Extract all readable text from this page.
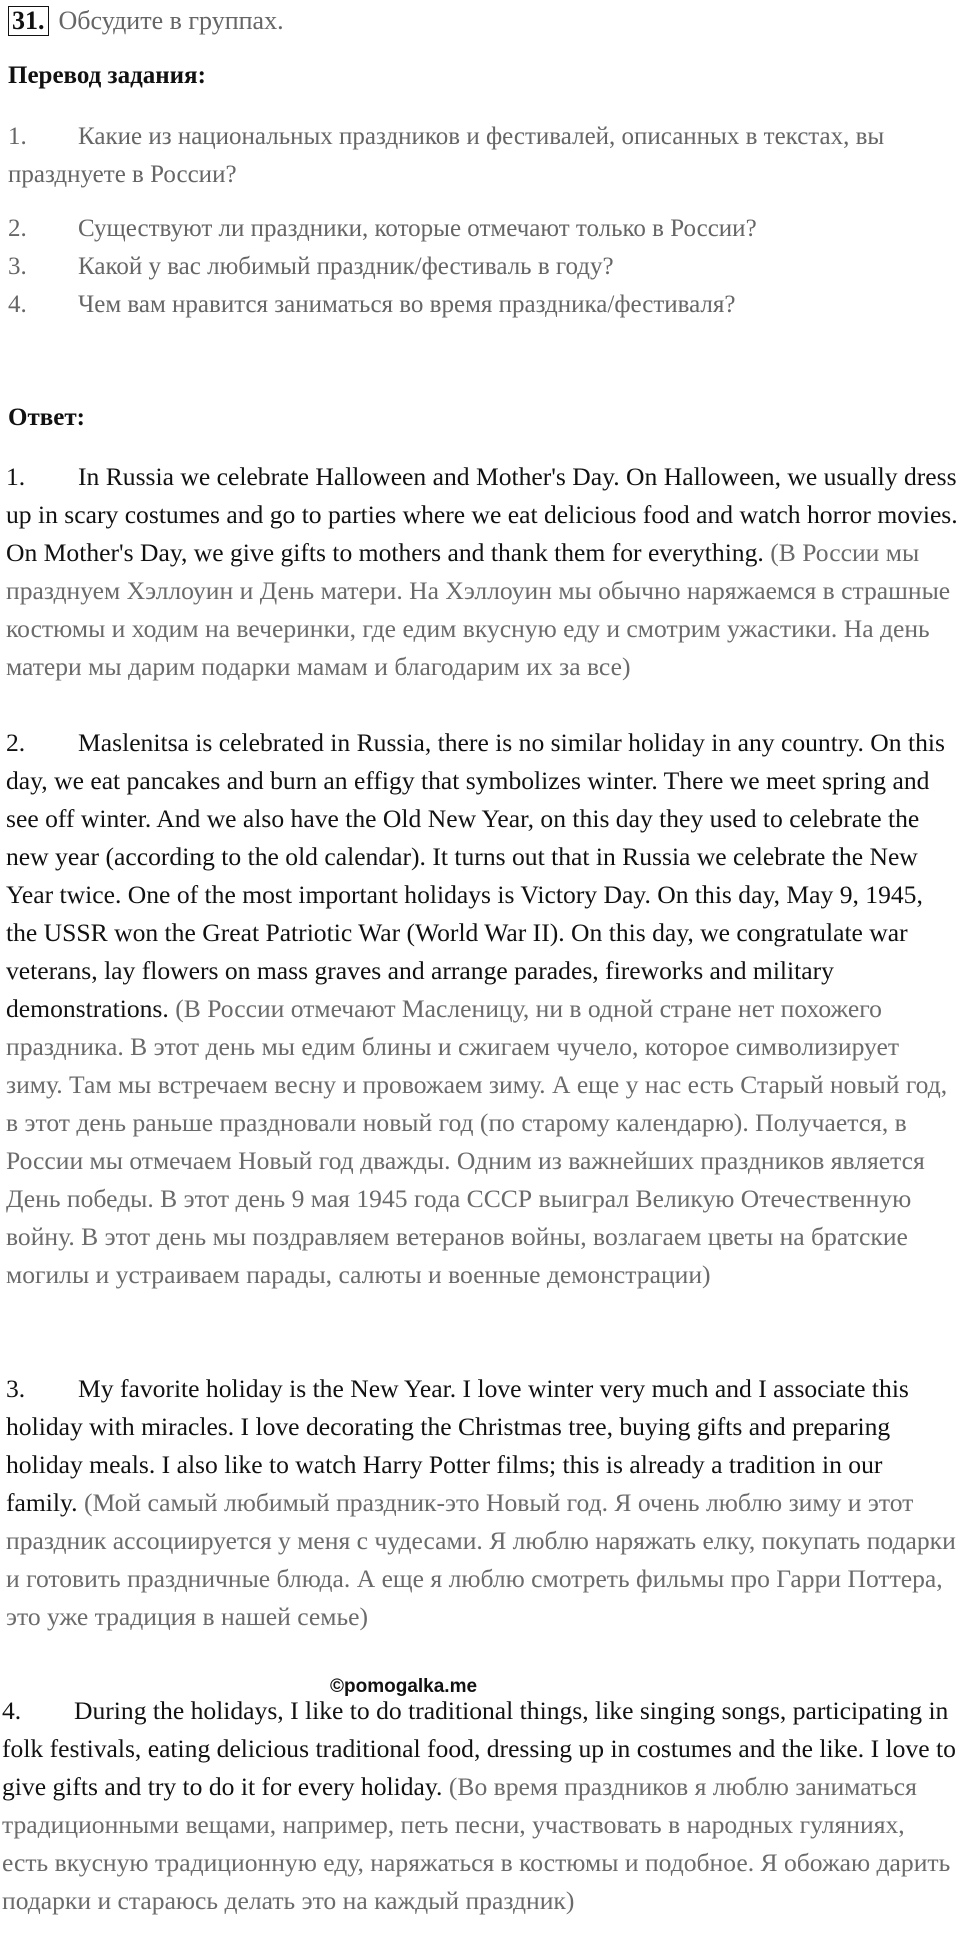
31. Обсудите в группах.
Перевод задания:

1. Какие из национальных праздников и фестивалей, описанных в текстах, вы празднуете в России?

2. Существуют ли праздники, которые отмечают только в России?

3. Какой у вас любимый праздник/фестиваль в году?

4. Чем вам нравится заниматься во время праздника/фестиваля?

Ответ:

1. In Russia we celebrate Halloween and Mother's Day. On Halloween, we usually dress up in scary costumes and go to parties where we eat delicious food and watch horror movies. On Mother's Day, we give gifts to mothers and thank them for everything. (В России мы празднуем Хэллоуин и День матери. На Хэллоуин мы обычно наряжаемся в страшные костюмы и ходим на вечеринки, где едим вкусную еду и смотрим ужастики. На день матери мы дарим подарки мамам и благодарим их за все)

2. Maslenitsa is celebrated in Russia, there is no similar holiday in any country. On this day, we eat pancakes and burn an effigy that symbolizes winter. There we meet spring and see off winter. And we also have the Old New Year, on this day they used to celebrate the new year (according to the old calendar). It turns out that in Russia we celebrate the New Year twice. One of the most important holidays is Victory Day. On this day, May 9, 1945, the USSR won the Great Patriotic War (World War II). On this day, we congratulate war veterans, lay flowers on mass graves and arrange parades, fireworks and military demonstrations. (В России отмечают Масленицу, ни в одной стране нет похожего праздника. В этот день мы едим блины и сжигаем чучело, которое символизирует зиму. Там мы встречаем весну и провожаем зиму. А еще у нас есть Старый новый год, в этот день раньше праздновали новый год (по старому календарю). Получается, в России мы отмечаем Новый год дважды. Одним из важнейших праздников является День победы. В этот день 9 мая 1945 года СССР выиграл Великую Отечественную войну. В этот день мы поздравляем ветеранов войны, возлагаем цветы на братские могилы и устраиваем парады, салюты и военные демонстрации)

3. My favorite holiday is the New Year. I love winter very much and I associate this holiday with miracles. I love decorating the Christmas tree, buying gifts and preparing holiday meals. I also like to watch Harry Potter films; this is already a tradition in our family. (Мой самый любимый праздник-это Новый год. Я очень люблю зиму и этот праздник ассоциируется у меня с чудесами. Я люблю наряжать елку, покупать подарки и готовить праздничные блюда. А еще я люблю смотреть фильмы про Гарри Поттера, это уже традиция в нашей семье)

©pomogalka.me

4. During the holidays, I like to do traditional things, like singing songs, participating in folk festivals, eating delicious traditional food, dressing up in costumes and the like. I love to give gifts and try to do it for every holiday. (Во время праздников я люблю заниматься традиционными вещами, например, петь песни, участвовать в народных гуляниях, есть вкусную традиционную еду, наряжаться в костюмы и подобное. Я обожаю дарить подарки и стараюсь делать это на каждый праздник)
